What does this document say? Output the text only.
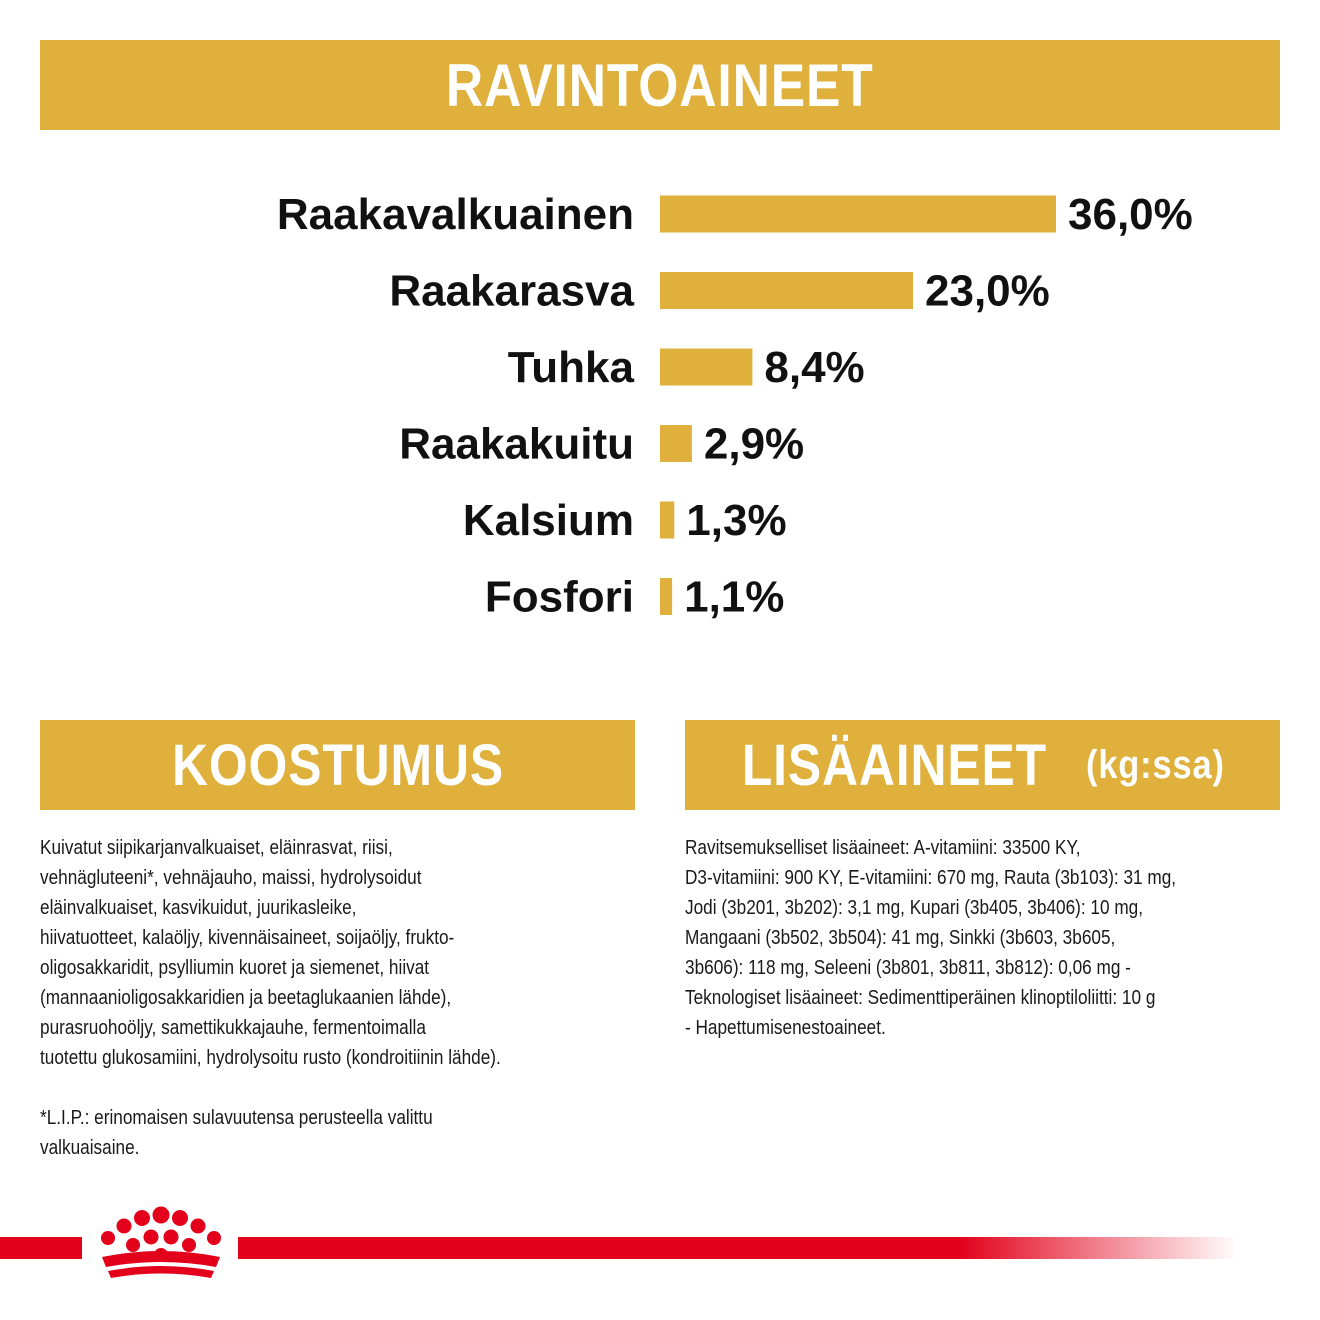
RAVINTOAINEET
Raakavalkuainen	36,0%
Raakarasva	23,0%
Tuhka	8,4%
Raakakuitu 2,9%
Kalsium 1,3%
Fosfori 1,1%
KOOSTUMUS	LISÄAINEET (kg:ssa)

Kuivatut siipikarjanvalkuaiset, eläinrasvat, riisi,

vehnägluteeni*, vehnäjauho, maissi, hydrolysoidut

eläinvalkuaiset, kasvikuidut, juurikasleike,

hiivatuotteet, kalaöljy, kivennäisaineet, soijaöljy, frukto-

oligosakkaridit, psylliumin kuoret ja siemenet, hiivat

(mannaanioligosakkaridien ja beetaglukaanien lähde),

purasruohoöljy, samettikukkajauhe, fermentoimalla

tuotettu glukosamiini, hydrolysoitu rusto (kondroitiinin lähde).

*L.I.P.: erinomaisen sulavuutensa perusteella valittu

valkuaisaine.

Ravitsemukselliset lisäaineet: A-vitamiini: 33500 KY,
D3-vitamiini: 900 KY, E-vitamiini: 670 mg, Rauta (3b103): 31 mg,
Jodi (3b201, 3b202): 3,1 mg, Kupari (3b405, 3b406): 10 mg,
Mangaani (3b502, 3b504): 41 mg, Sinkki (3b603, 3b605,
3b606): 118 mg, Seleeni (3b801, 3b811, 3b812): 0,06 mg -
Teknologiset lisäaineet: Sedimenttiperäinen klinoptiloliitti: 10 g
- Hapettumisenestoaineet.
